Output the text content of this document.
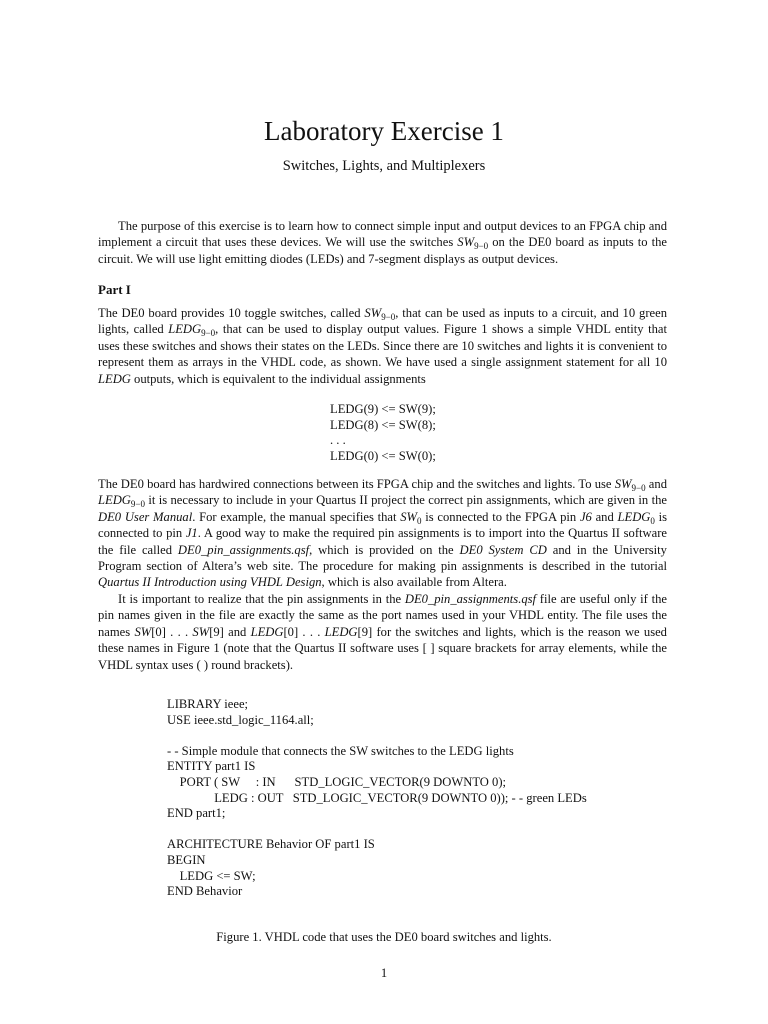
Laboratory Exercise 1
Switches, Lights, and Multiplexers

The purpose of this exercise is to learn how to connect simple input and output devices to an FPGA chip and implement a circuit that uses these devices. We will use the switches $SW_{9-0}$ on the DE0 board as inputs to the circuit. We will use light emitting diodes (LEDs) and 7-segment displays as output devices.

Part I

The DE0 board provides 10 toggle switches, called $SW_{9-0}$, that can be used as inputs to a circuit, and 10 green lights, called $LEDG_{9-0}$, that can be used to display output values. Figure 1 shows a simple VHDL entity that uses these switches and shows their states on the LEDs. Since there are 10 switches and lights it is convenient to represent them as arrays in the VHDL code, as shown. We have used a single assignment statement for all 10 LEDG outputs, which is equivalent to the individual assignments

LEDG(9) <= SW(9);
LEDG(8) <= SW(8);
. . .
LEDG(0) <= SW(0);

The DE0 board has hardwired connections between its FPGA chip and the switches and lights. To use $SW_{9-0}$ and $LEDG_{9-0}$ it is necessary to include in your Quartus II project the correct pin assignments, which are given in the DE0 User Manual. For example, the manual specifies that $SW_0$ is connected to the FPGA pin J6 and $LEDG_0$ is connected to pin J1. A good way to make the required pin assignments is to import into the Quartus II software the file called DE0_pin_assignments.qsf, which is provided on the DE0 System CD and in the University Program section of Altera’s web site. The procedure for making pin assignments is described in the tutorial Quartus II Introduction using VHDL Design, which is also available from Altera.

It is important to realize that the pin assignments in the DE0_pin_assignments.qsf file are useful only if the pin names given in the file are exactly the same as the port names used in your VHDL entity. The file uses the names SW[0] . . . SW[9] and LEDG[0] . . . LEDG[9] for the switches and lights, which is the reason we used these names in Figure 1 (note that the Quartus II software uses [ ] square brackets for array elements, while the VHDL syntax uses ( ) round brackets).

LIBRARY ieee;
USE ieee.std_logic_1164.all;
- - Simple module that connects the SW switches to the LEDG lights
ENTITY part1 IS
PORT ( SW     : IN      STD_LOGIC_VECTOR(9 DOWNTO 0);
LEDG : OUT   STD_LOGIC_VECTOR(9 DOWNTO 0)); - - green LEDs
END part1;
ARCHITECTURE Behavior OF part1 IS
BEGIN
LEDG <= SW;
END Behavior
Figure 1. VHDL code that uses the DE0 board switches and lights.
1
